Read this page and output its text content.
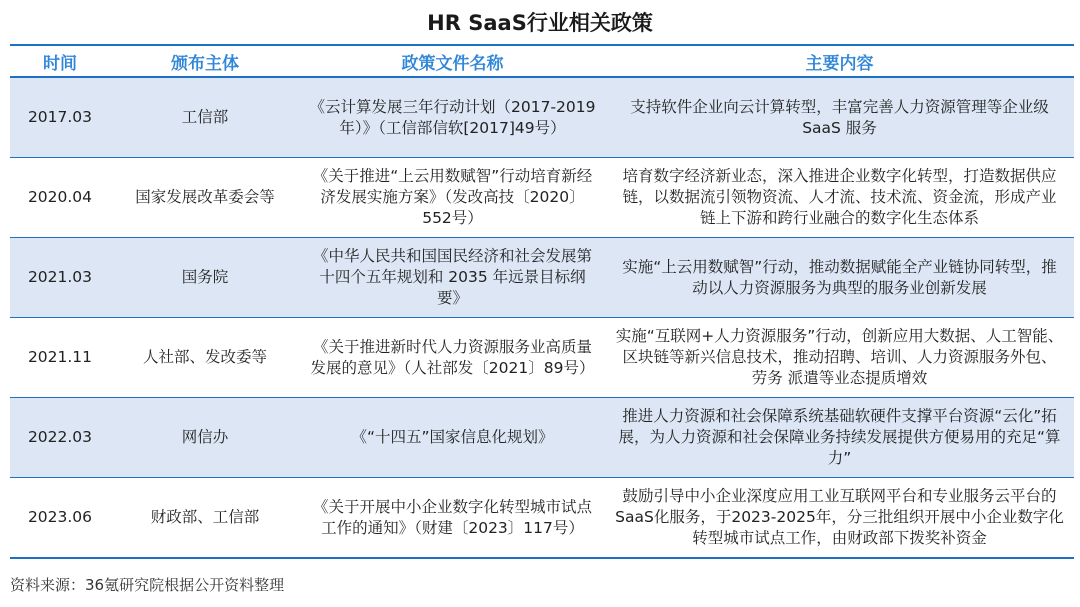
HR SaaS行业相关政策
时间	颁布主体	政策文件名称	主要内容
2017.03	工信部	《云计算发展三年行动计划（2017-2019 年）》（工信部信软[2017]49号）	支持软件企业向云计算转型，丰富完善人力资源管理等企业级 SaaS 服务
2020.04	国家发展改革委会等	《关于推进“上云用数赋智”行动培育新经济发展实施方案》（发改高技〔2020〕552号）	培育数字经济新业态，深入推进企业数字化转型，打造数据供应链，以数据流引领物资流、人才流、技术流、资金流，形成产业链上下游和跨行业融合的数字化生态体系
2021.03	国务院	《中华人民共和国国民经济和社会发展第十四个五年规划和 2035 年远景目标纲要》	实施“上云用数赋智”行动，推动数据赋能全产业链协同转型，推动以人力资源服务为典型的服务业创新发展
2021.11	人社部、发改委等	《关于推进新时代人力资源服务业高质量发展的意见》（人社部发〔2021〕89号）	实施“互联网+人力资源服务”行动，创新应用大数据、人工智能、区块链等新兴信息技术，推动招聘、培训、人力资源服务外包、劳务 派遣等业态提质增效
2022.03	网信办	《“十四五”国家信息化规划》	推进人力资源和社会保障系统基础软硬件支撑平台资源“云化”拓展，为人力资源和社会保障业务持续发展提供方便易用的充足“算力”
2023.06	财政部、工信部	《关于开展中小企业数字化转型城市试点工作的通知》（财建〔2023〕117号）	鼓励引导中小企业深度应用工业互联网平台和专业服务云平台的SaaS化服务，于2023-2025年，分三批组织开展中小企业数字化转型城市试点工作，由财政部下拨奖补资金
资料来源：36氪研究院根据公开资料整理
